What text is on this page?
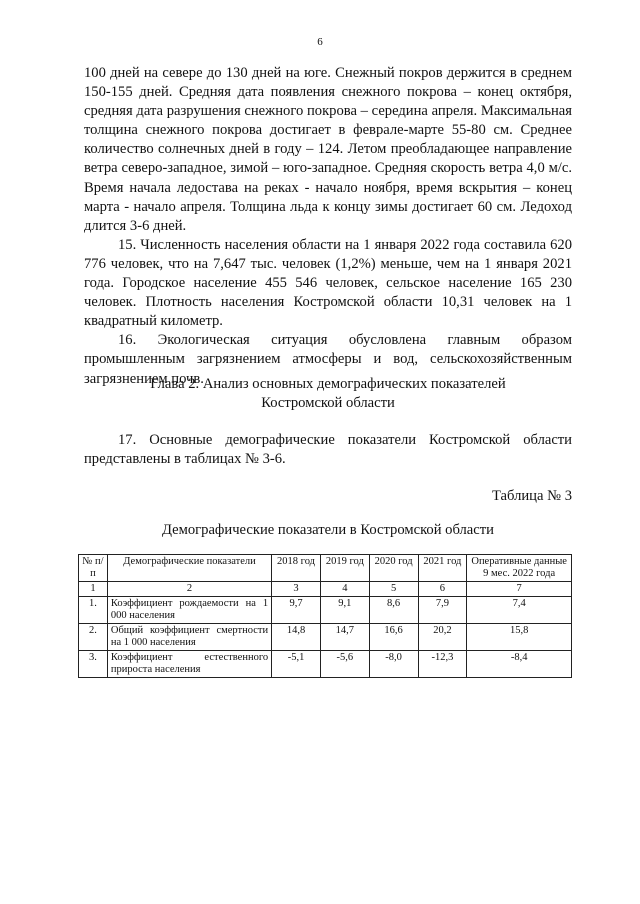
6

100 дней на севере до 130 дней на юге. Снежный покров держится в среднем 150-155 дней. Средняя дата появления снежного покрова – конец октября, средняя дата разрушения снежного покрова – середина апреля. Максимальная толщина снежного покрова достигает в феврале-марте 55-80 см. Среднее количество солнечных дней в году – 124. Летом преобладающее направление ветра северо-западное, зимой – юго-западное. Средняя скорость ветра 4,0 м/с. Время начала ледостава на реках - начало ноября, время вскрытия – конец марта - начало апреля. Толщина льда к концу зимы достигает 60 см. Ледоход длится 3-6 дней.

15. Численность населения области на 1 января 2022 года составила 620 776 человек, что на 7,647 тыс. человек (1,2%) меньше, чем на 1 января 2021 года. Городское население 455 546 человек, сельское население 165 230 человек. Плотность населения Костромской области 10,31 человек на 1 квадратный километр.

16. Экологическая ситуация обусловлена главным образом промышленным загрязнением атмосферы и вод, сельскохозяйственным загрязнением почв.

Глава 2. Анализ основных демографических показателей
Костромской области
17. Основные демографические показатели Костромской области представлены в таблицах № 3-6.
Таблица № 3
Демографические показатели в Костромской области
№ п/п	Демографические показатели	2018 год	2019 год	2020 год	2021 год	Оперативные данные 9 мес. 2022 года
1	2	3	4	5	6	7
1.	Коэффициент рождаемости на 1 000 населения	9,7	9,1	8,6	7,9	7,4
2.	Общий коэффициент смертности на 1 000 населения	14,8	14,7	16,6	20,2	15,8
3.	Коэффициент естественного прироста населения	-5,1	-5,6	-8,0	-12,3	-8,4
